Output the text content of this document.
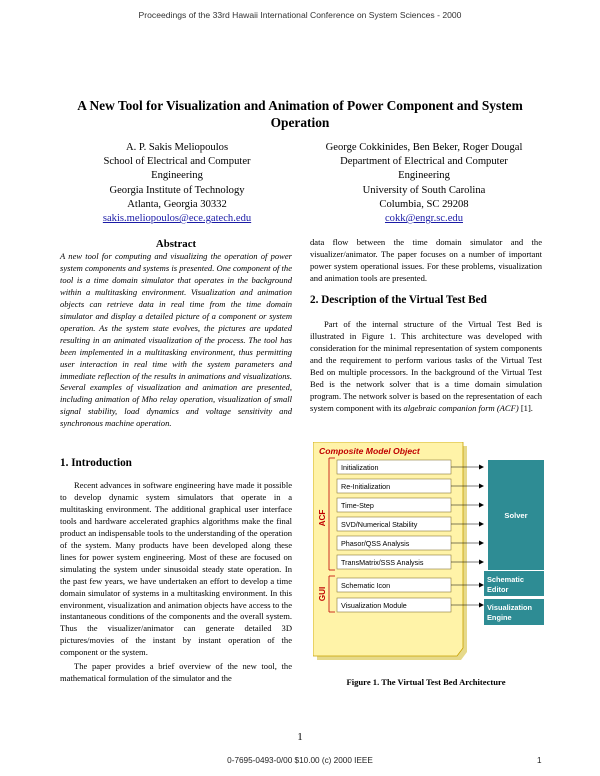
Proceedings of the 33rd Hawaii International Conference on System Sciences - 2000
A New Tool for Visualization and Animation of Power Component and System Operation
A. P. Sakis Meliopoulos
School of Electrical and Computer
Engineering
Georgia Institute of Technology
Atlanta, Georgia 30332
sakis.meliopoulos@ece.gatech.edu
George Cokkinides, Ben Beker, Roger Dougal
Department of Electrical and Computer
Engineering
University of South Carolina
Columbia, SC 29208
cokk@engr.sc.edu
Abstract

A new tool for computing and visualizing the operation of power system components and systems is presented. One component of the tool is a time domain simulator that operates in the background within a multitasking environment. Visualization and animation objects can retrieve data in real time from the time domain simulator and display a detailed picture of a component or system operation. As the system state evolves, the pictures are updated resulting in an animated visualization of the process. The tool has been implemented in a multitasking environment, thus permitting user interaction in real time with the system parameters and immediate reflection of the results in animations and visualizations. Several examples of visualization and animation are presented, including animation of Mho relay operation, visualization of small signal stability, load dynamics and voltage sensitivity and synchronous machine operation.

1. Introduction

Recent advances in software engineering have made it possible to develop dynamic system simulators that operate in a multitasking environment. The additional graphical user interface tools and hardware accelerated graphics algorithms make the final product an indispensable tools to the understanding of the operation of the system. Many products have been developed along these lines for power system engineering. Most of these are focused on simulating the system under sinusoidal steady state operation. In the past few years, we have undertaken an effort to develop a time domain simulator of systems in a multitasking environment. In this environment, visualization and animation objects have access to the instantaneous conditions of the components and the overall system. Thus the visualizer/animator can generate detailed 3D pictures/movies of the instant by instant operation of the component or the system.

The paper provides a brief overview of the new tool, the mathematical formulation of the simulator and the

data flow between the time domain simulator and the visualizer/animator. The paper focuses on a number of important power system operational issues. For these problems, visualization and animation tools are presented.

2. Description of the Virtual Test Bed

Part of the internal structure of the Virtual Test Bed is illustrated in Figure 1. This architecture was developed with consideration for the minimal representation of system components and the requirement to perform various tasks of the Virtual Test Bed on multiple processors. In the background of the Virtual Test Bed is the network solver that is a time domain simulation program. The network solver is based on the representation of each system component with its algebraic companion form (ACF) [1].

Composite Model Object
ACF
GUI
Initialization
Re-Initialization
Time-Step
SVD/Numerical Stability
Phasor/QSS Analysis
TransMatrix/SSS Analysis
Schematic Icon
Visualization Module
Solver
Schematic
Editor
Visualization
Engine
Figure 1. The Virtual Test Bed Architecture
1
0-7695-0493-0/00 $10.00 (c) 2000 IEEE	1
